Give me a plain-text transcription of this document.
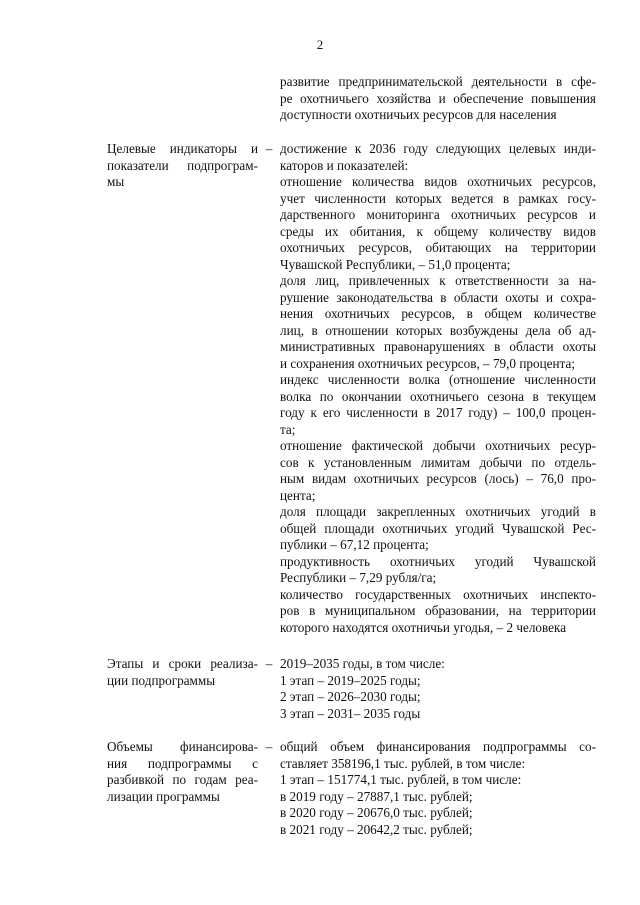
2
развитие предпринимательской деятельности в сфе-
ре охотничьего хозяйства и обеспечение повышения
доступности охотничьих ресурсов для населения
Целевые индикаторы и
показатели подпрограм-
мы
– достижение к 2036 году следующих целевых инди-
каторов и показателей:
отношение количества видов охотничьих ресурсов,
учет численности которых ведется в рамках госу-
дарственного мониторинга охотничьих ресурсов и
среды их обитания, к общему количеству видов
охотничьих ресурсов, обитающих на территории
Чувашской Республики, – 51,0 процента;
доля лиц, привлеченных к ответственности за на-
рушение законодательства в области охоты и сохра-
нения охотничьих ресурсов, в общем количестве
лиц, в отношении которых возбуждены дела об ад-
министративных правонарушениях в области охоты
и сохранения охотничьих ресурсов, – 79,0 процента;
индекс численности волка (отношение численности
волка по окончании охотничьего сезона в текущем
году к его численности в 2017 году) – 100,0 процен-
та;
отношение фактической добычи охотничьих ресур-
сов к установленным лимитам добычи по отдель-
ным видам охотничьих ресурсов (лось) – 76,0 про-
цента;
доля площади закрепленных охотничьих угодий в
общей площади охотничьих угодий Чувашской Рес-
публики – 67,12 процента;
продуктивность охотничьих угодий Чувашской
Республики – 7,29 рубля/га;
количество государственных охотничьих инспекто-
ров в муниципальном образовании, на территории
которого находятся охотничьи угодья, – 2 человека
Этапы и сроки реализа-
ции подпрограммы
– 2019–2035 годы, в том числе:
1 этап – 2019–2025 годы;
2 этап – 2026–2030 годы;
3 этап – 2031– 2035 годы
Объемы финансирова-
ния подпрограммы с
разбивкой по годам реа-
лизации программы
– общий объем финансирования подпрограммы со-
ставляет 358196,1 тыс. рублей, в том числе:
1 этап – 151774,1 тыс. рублей, в том числе:
в 2019 году – 27887,1 тыс. рублей;
в 2020 году – 20676,0 тыс. рублей;
в 2021 году – 20642,2 тыс. рублей;
